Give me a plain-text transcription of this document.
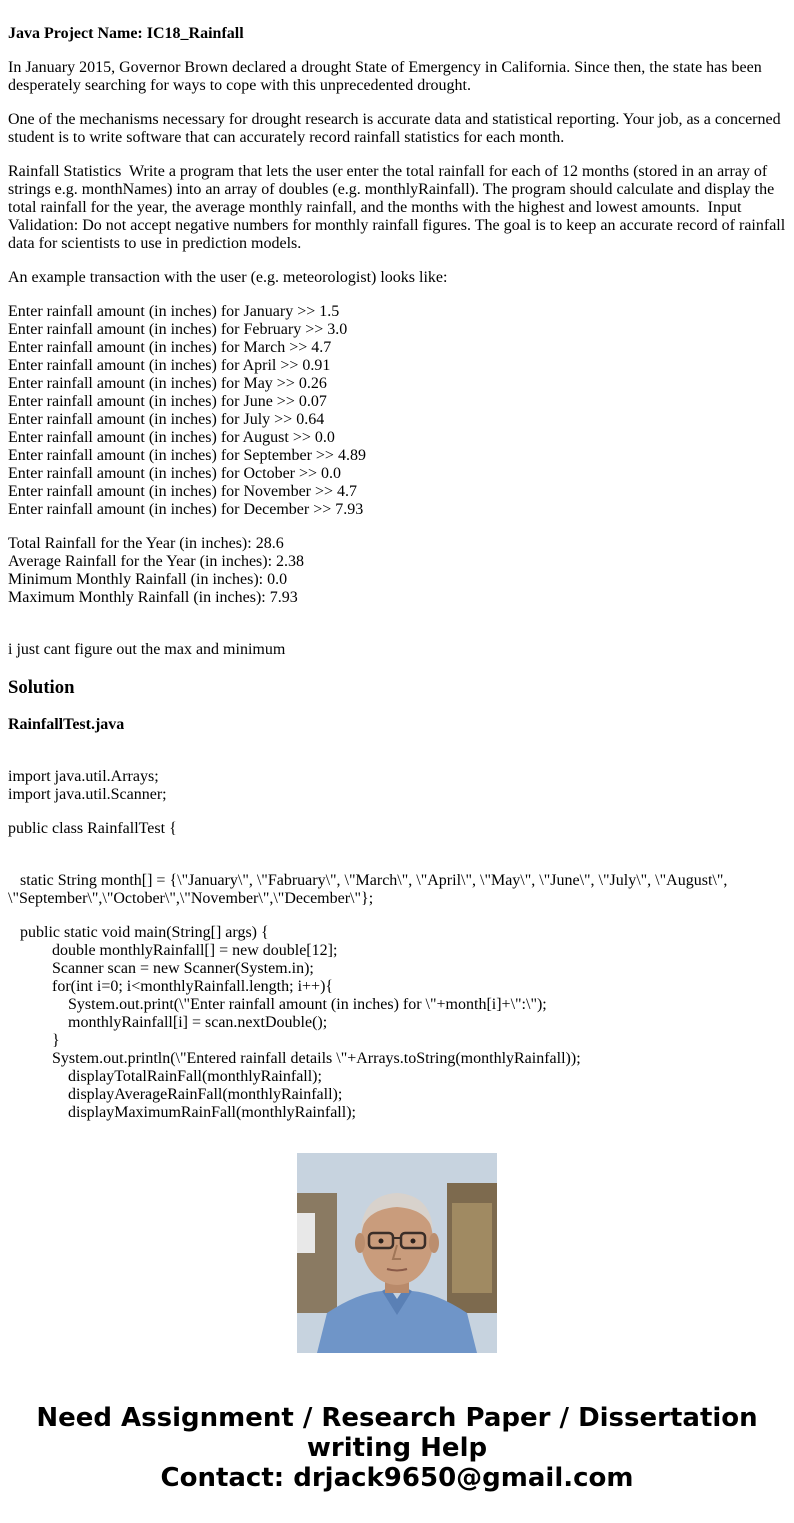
Java Project Name: IC18_Rainfall
In January 2015, Governor Brown declared a drought State of Emergency in California. Since then, the state has been desperately searching for ways to cope with this unprecedented drought.
One of the mechanisms necessary for drought research is accurate data and statistical reporting. Your job, as a concerned student is to write software that can accurately record rainfall statistics for each month.
Rainfall Statistics  Write a program that lets the user enter the total rainfall for each of 12 months (stored in an array of strings e.g. monthNames) into an array of doubles (e.g. monthlyRainfall). The program should calculate and display the total rainfall for the year, the average monthly rainfall, and the months with the highest and lowest amounts.  Input Validation: Do not accept negative numbers for monthly rainfall figures. The goal is to keep an accurate record of rainfall data for scientists to use in prediction models.
An example transaction with the user (e.g. meteorologist) looks like:
Enter rainfall amount (in inches) for January >> 1.5
Enter rainfall amount (in inches) for February >> 3.0
Enter rainfall amount (in inches) for March >> 4.7
Enter rainfall amount (in inches) for April >> 0.91
Enter rainfall amount (in inches) for May >> 0.26
Enter rainfall amount (in inches) for June >> 0.07
Enter rainfall amount (in inches) for July >> 0.64
Enter rainfall amount (in inches) for August >> 0.0
Enter rainfall amount (in inches) for September >> 4.89
Enter rainfall amount (in inches) for October >> 0.0
Enter rainfall amount (in inches) for November >> 4.7
Enter rainfall amount (in inches) for December >> 7.93
Total Rainfall for the Year (in inches): 28.6
Average Rainfall for the Year (in inches): 2.38
Minimum Monthly Rainfall (in inches): 0.0
Maximum Monthly Rainfall (in inches): 7.93
i just cant figure out the max and minimum
Solution
RainfallTest.java
import java.util.Arrays;
import java.util.Scanner;
public class RainfallTest {
static String month[] = {\"January\", \"Fabruary\", \"March\", \"April\", \"May\", \"June\", \"July\", \"August\", \"September\",\"October\",\"November\",\"December\"};
public static void main(String[] args) {
double monthlyRainfall[] = new double[12];
Scanner scan = new Scanner(System.in);
for(int i=0; i<monthlyRainfall.length; i++){
System.out.print(\"Enter rainfall amount (in inches) for \"+month[i]+\":\");
monthlyRainfall[i] = scan.nextDouble();
}
System.out.println(\"Entered rainfall details \"+Arrays.toString(monthlyRainfall));
displayTotalRainFall(monthlyRainfall);
displayAverageRainFall(monthlyRainfall);
displayMaximumRainFall(monthlyRainfall);
Need Assignment / Research Paper / Dissertation
writing Help
Contact: drjack9650@gmail.com
